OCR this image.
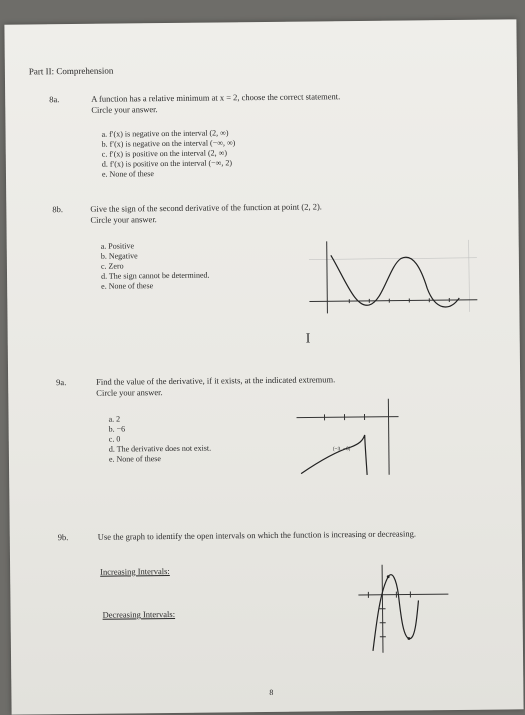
Part II: Comprehension
8a.	A function has a relative minimum at x = 2, choose the correct statement.
Circle your answer.
a. f′(x) is negative on the interval (2, ∞)
b. f′(x) is negative on the interval (−∞, ∞)
c. f′(x) is positive on the interval (2, ∞)
d. f′(x) is positive on the interval (−∞, 2)
e. None of these
8b.	Give the sign of the second derivative of the function at point (2, 2).
Circle your answer.
a. Positive
b. Negative
c. Zero
d. The sign cannot be determined.
e. None of these
I
9a.	Find the value of the derivative, if it exists, at the indicated extremum.
Circle your answer.
a. 2
b. −6
c. 0
d. The derivative does not exist.
e. None of these
(−3, −6)
9b.	Use the graph to identify the open intervals on which the function is increasing or decreasing.
Increasing Intervals:
Decreasing Intervals:
8
